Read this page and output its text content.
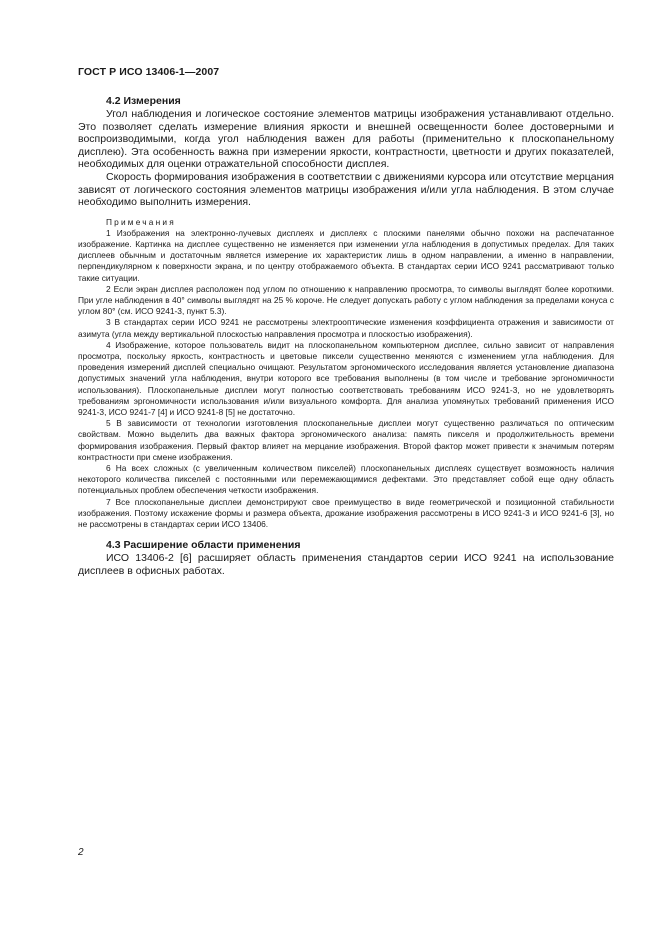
ГОСТ Р ИСО 13406-1—2007

4.2 Измерения

Угол наблюдения и логическое состояние элементов матрицы изображения устанавливают отдельно. Это позволяет сделать измерение влияния яркости и внешней освещенности более достоверными и воспроизводимыми, когда угол наблюдения важен для работы (применительно к плоскопанельному дисплею). Эта особенность важна при измерении яркости, контрастности, цветности и других показателей, необходимых для оценки отражательной способности дисплея.

Скорость формирования изображения в соответствии с движениями курсора или отсутствие мерцания зависят от логического состояния элементов матрицы изображения и/или угла наблюдения. В этом случае необходимо выполнить измерения.

Примечания

1 Изображения на электронно-лучевых дисплеях и дисплеях с плоскими панелями обычно похожи на распечатанное изображение. Картинка на дисплее существенно не изменяется при изменении угла наблюдения в допустимых пределах. Для таких дисплеев обычным и достаточным является измерение их характеристик лишь в одном направлении, а именно в направлении, перпендикулярном к поверхности экрана, и по центру отображаемого объекта. В стандартах серии ИСО 9241 рассматривают только такие ситуации.

2 Если экран дисплея расположен под углом по отношению к направлению просмотра, то символы выглядят более короткими. При угле наблюдения в 40° символы выглядят на 25 % короче. Не следует допускать работу с углом наблюдения за пределами конуса с углом 80° (см. ИСО 9241-3, пункт 5.3).

3 В стандартах серии ИСО 9241 не рассмотрены электрооптические изменения коэффициента отражения и зависимости от азимута (угла между вертикальной плоскостью направления просмотра и плоскостью изображения).

4 Изображение, которое пользователь видит на плоскопанельном компьютерном дисплее, сильно зависит от направления просмотра, поскольку яркость, контрастность и цветовые пиксели существенно меняются с изменением угла наблюдения. Для проведения измерений дисплей специально очищают. Результатом эргономического исследования является установление диапазона допустимых значений угла наблюдения, внутри которого все требования выполнены (в том числе и требование эргономичности использования). Плоскопанельные дисплеи могут полностью соответствовать требованиям ИСО 9241-3, но не удовлетворять требованиям эргономичности использования и/или визуального комфорта. Для анализа упомянутых требований применения ИСО 9241-3, ИСО 9241-7 [4] и ИСО 9241-8 [5] не достаточно.

5 В зависимости от технологии изготовления плоскопанельные дисплеи могут существенно различаться по оптическим свойствам. Можно выделить два важных фактора эргономического анализа: память пикселя и продолжительность времени формирования изображения. Первый фактор влияет на мерцание изображения. Второй фактор может привести к значимым потерям контрастности при смене изображения.

6 На всех сложных (с увеличенным количеством пикселей) плоскопанельных дисплеях существует возможность наличия некоторого количества пикселей с постоянными или перемежающимися дефектами. Это представляет собой еще одну область потенциальных проблем обеспечения четкости изображения.

7 Все плоскопанельные дисплеи демонстрируют свое преимущество в виде геометрической и позиционной стабильности изображения. Поэтому искажение формы и размера объекта, дрожание изображения рассмотрены в ИСО 9241-3 и ИСО 9241-6 [3], но не рассмотрены в стандартах серии ИСО 13406.

4.3 Расширение области применения

ИСО 13406-2 [6] расширяет область применения стандартов серии ИСО 9241 на использование дисплеев в офисных работах.

2
